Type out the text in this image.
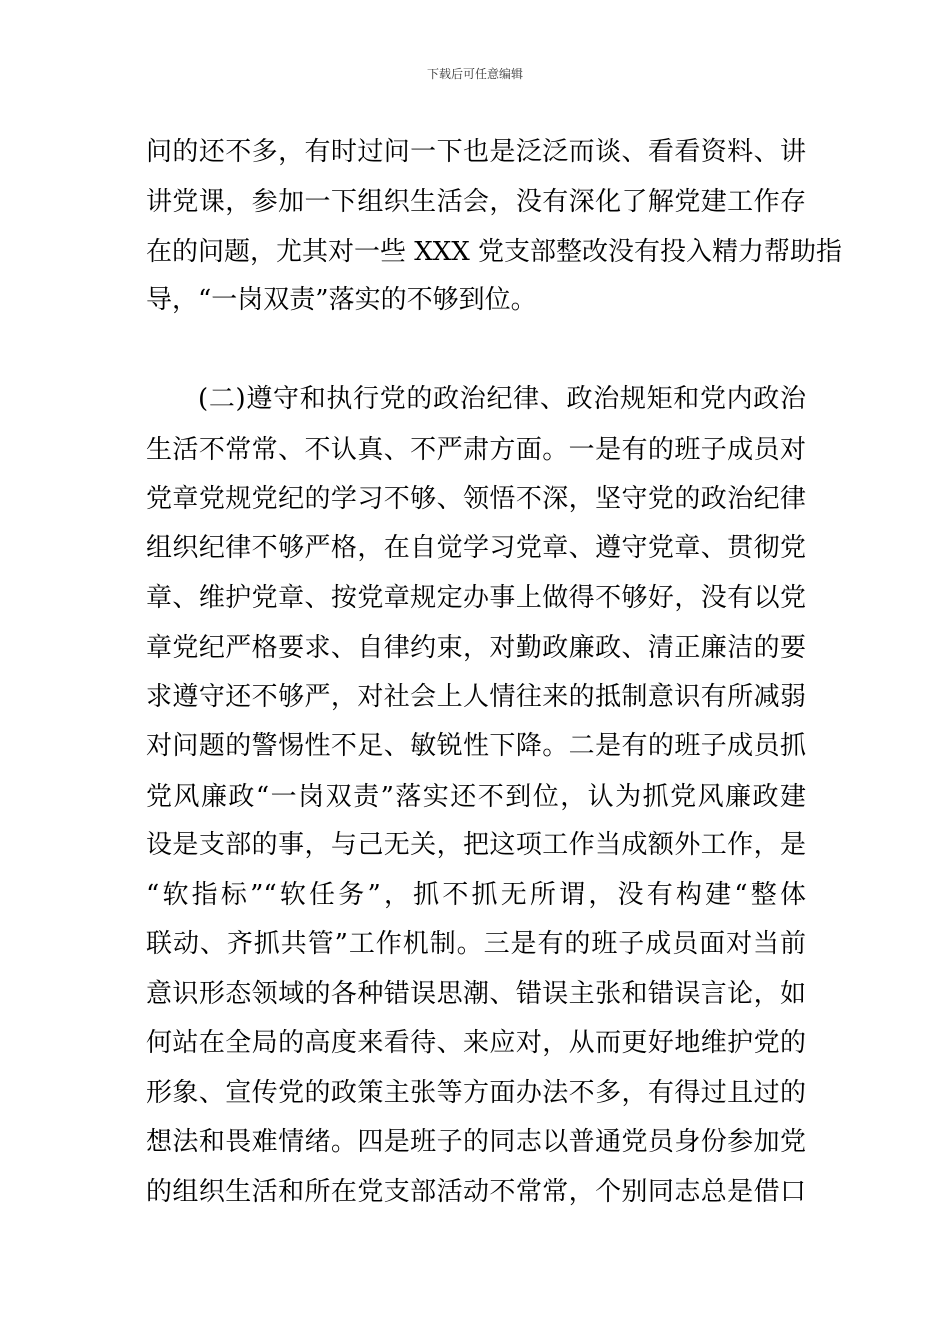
下载后可任意编辑
问的还不多，有时过问一下也是泛泛而谈、看看资料、讲
讲党课，参加一下组织生活会，没有深化了解党建工作存
在的问题，尤其对一些 XXX 党支部整改没有投入精力帮助指
导，“一岗双责”落实的不够到位。
(二)遵守和执行党的政治纪律、政治规矩和党内政治
生活不常常、不认真、不严肃方面。一是有的班子成员对
党章党规党纪的学习不够、领悟不深，坚守党的政治纪律
组织纪律不够严格，在自觉学习党章、遵守党章、贯彻党
章、维护党章、按党章规定办事上做得不够好，没有以党
章党纪严格要求、自律约束，对勤政廉政、清正廉洁的要
求遵守还不够严，对社会上人情往来的抵制意识有所减弱
对问题的警惕性不足、敏锐性下降。二是有的班子成员抓
党风廉政“一岗双责”落实还不到位，认为抓党风廉政建
设是支部的事，与己无关，把这项工作当成额外工作，是
“软指标”“软任务”，抓不抓无所谓，没有构建“整体
联动、齐抓共管”工作机制。三是有的班子成员面对当前
意识形态领域的各种错误思潮、错误主张和错误言论，如
何站在全局的高度来看待、来应对，从而更好地维护党的
形象、宣传党的政策主张等方面办法不多，有得过且过的
想法和畏难情绪。四是班子的同志以普通党员身份参加党
的组织生活和所在党支部活动不常常，个别同志总是借口
